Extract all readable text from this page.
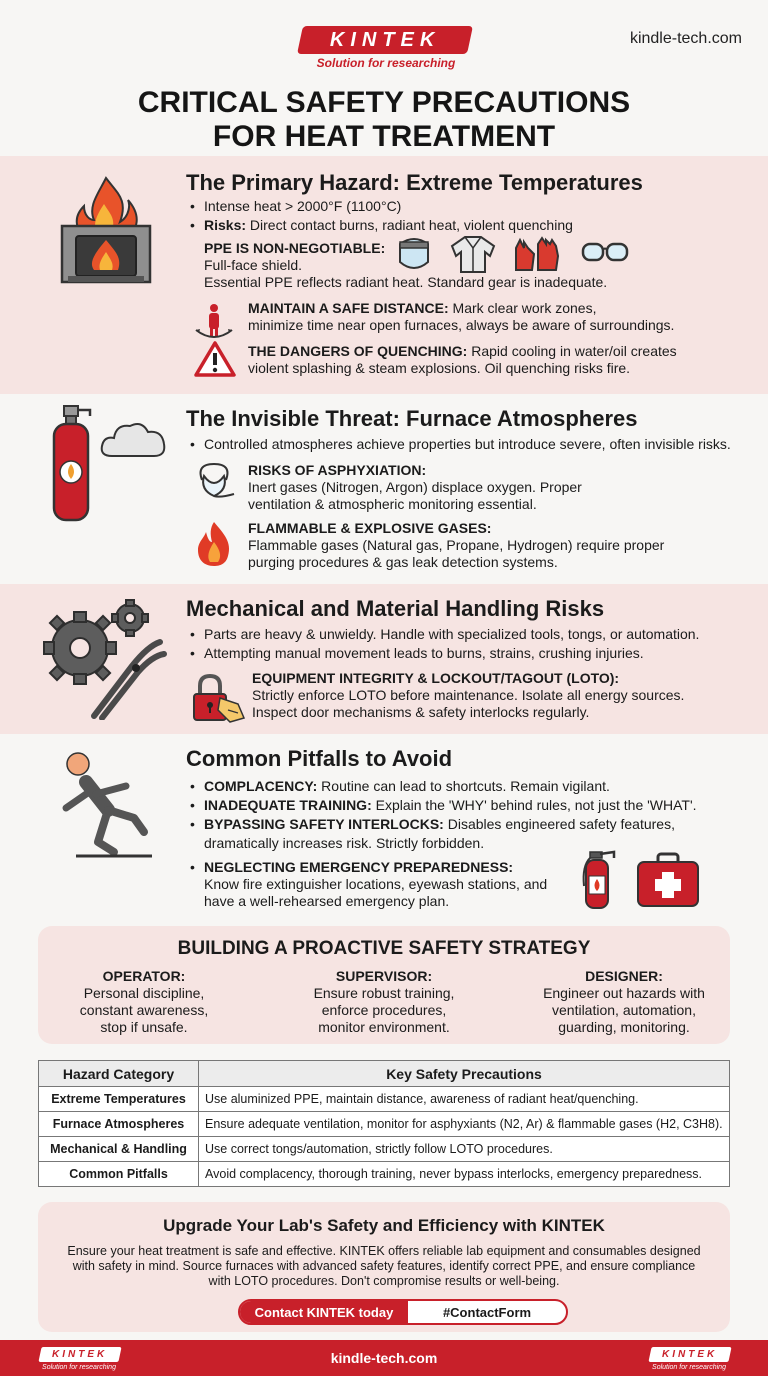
KINTEK
Solution for researching
kindle-tech.com
CRITICAL SAFETY PRECAUTIONS
FOR HEAT TREATMENT
The Primary Hazard: Extreme Temperatures
• Intense heat > 2000°F (1100°C)
• Risks: Direct contact burns, radiant heat, violent quenching
PPE IS NON-NEGOTIABLE:
Full-face shield.
Essential PPE reflects radiant heat. Standard gear is inadequate.
MAINTAIN A SAFE DISTANCE: Mark clear work zones,
minimize time near open furnaces, always be aware of surroundings.
THE DANGERS OF QUENCHING: Rapid cooling in water/oil creates
violent splashing & steam explosions. Oil quenching risks fire.
The Invisible Threat: Furnace Atmospheres
• Controlled atmospheres achieve properties but introduce severe, often invisible risks.
RISKS OF ASPHYXIATION:
Inert gases (Nitrogen, Argon) displace oxygen. Proper
ventilation & atmospheric monitoring essential.
FLAMMABLE & EXPLOSIVE GASES:
Flammable gases (Natural gas, Propane, Hydrogen) require proper
purging procedures & gas leak detection systems.
Mechanical and Material Handling Risks
• Parts are heavy & unwieldy. Handle with specialized tools, tongs, or automation.
• Attempting manual movement leads to burns, strains, crushing injuries.
EQUIPMENT INTEGRITY & LOCKOUT/TAGOUT (LOTO):
Strictly enforce LOTO before maintenance. Isolate all energy sources.
Inspect door mechanisms & safety interlocks regularly.
Common Pitfalls to Avoid
• COMPLACENCY: Routine can lead to shortcuts. Remain vigilant.
• INADEQUATE TRAINING: Explain the 'WHY' behind rules, not just the 'WHAT'.
• BYPASSING SAFETY INTERLOCKS: Disables engineered safety features,
dramatically increases risk. Strictly forbidden.
• NEGLECTING EMERGENCY PREPAREDNESS:
Know fire extinguisher locations, eyewash stations, and
have a well-rehearsed emergency plan.
BUILDING A PROACTIVE SAFETY STRATEGY
OPERATOR:
Personal discipline,
constant awareness,
stop if unsafe.
SUPERVISOR:
Ensure robust training,
enforce procedures,
monitor environment.
DESIGNER:
Engineer out hazards with
ventilation, automation,
guarding, monitoring.
Hazard Category	Key Safety Precautions
Extreme Temperatures	Use aluminized PPE, maintain distance, awareness of radiant heat/quenching.
Furnace Atmospheres	Ensure adequate ventilation, monitor for asphyxiants (N2, Ar) & flammable gases (H2, C3H8).
Mechanical & Handling	Use correct tongs/automation, strictly follow LOTO procedures.
Common Pitfalls	Avoid complacency, thorough training, never bypass interlocks, emergency preparedness.
Upgrade Your Lab's Safety and Efficiency with KINTEK

Ensure your heat treatment is safe and effective. KINTEK offers reliable lab equipment and consumables designed
with safety in mind. Source furnaces with advanced safety features, identify correct PPE, and ensure compliance
with LOTO procedures. Don't compromise results or well-being.

Contact KINTEK today	#ContactForm
KINTEK
Solution for researching
kindle-tech.com	KINTEK
Solution for researching
